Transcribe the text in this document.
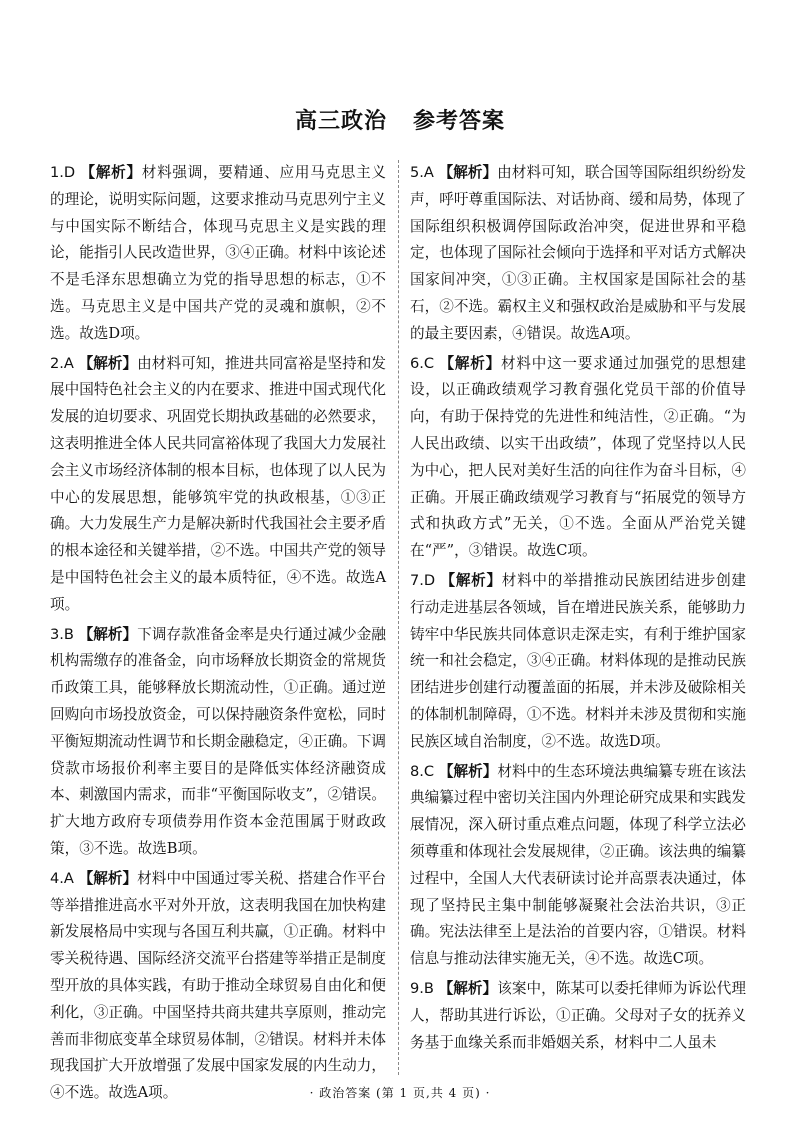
高三政治 参考答案

1.D 【解析】材料强调，要精通、应用马克思主义的理论，说明实际问题，这要求推动马克思列宁主义与中国实际不断结合，体现马克思主义是实践的理论，能指引人民改造世界，③④正确。材料中该论述不是毛泽东思想确立为党的指导思想的标志，①不选。马克思主义是中国共产党的灵魂和旗帜，②不选。故选D项。

2.A 【解析】由材料可知，推进共同富裕是坚持和发展中国特色社会主义的内在要求、推进中国式现代化发展的迫切要求、巩固党长期执政基础的必然要求，这表明推进全体人民共同富裕体现了我国大力发展社会主义市场经济体制的根本目标，也体现了以人民为中心的发展思想，能够筑牢党的执政根基，①③正确。大力发展生产力是解决新时代我国社会主要矛盾的根本途径和关键举措，②不选。中国共产党的领导是中国特色社会主义的最本质特征，④不选。故选A项。

3.B 【解析】下调存款准备金率是央行通过减少金融机构需缴存的准备金，向市场释放长期资金的常规货币政策工具，能够释放长期流动性，①正确。通过逆回购向市场投放资金，可以保持融资条件宽松，同时平衡短期流动性调节和长期金融稳定，④正确。下调贷款市场报价利率主要目的是降低实体经济融资成本、刺激国内需求，而非“平衡国际收支”，②错误。扩大地方政府专项债券用作资本金范围属于财政政策，③不选。故选B项。

4.A 【解析】材料中中国通过零关税、搭建合作平台等举措推进高水平对外开放，这表明我国在加快构建新发展格局中实现与各国互利共赢，①正确。材料中零关税待遇、国际经济交流平台搭建等举措正是制度型开放的具体实践，有助于推动全球贸易自由化和便利化，③正确。中国坚持共商共建共享原则，推动完善而非彻底变革全球贸易体制，②错误。材料并未体现我国扩大开放增强了发展中国家发展的内生动力，④不选。故选A项。

5.A 【解析】由材料可知，联合国等国际组织纷纷发声，呼吁尊重国际法、对话协商、缓和局势，体现了国际组织积极调停国际政治冲突，促进世界和平稳定，也体现了国际社会倾向于选择和平对话方式解决国家间冲突，①③正确。主权国家是国际社会的基石，②不选。霸权主义和强权政治是威胁和平与发展的最主要因素，④错误。故选A项。

6.C 【解析】材料中这一要求通过加强党的思想建设，以正确政绩观学习教育强化党员干部的价值导向，有助于保持党的先进性和纯洁性，②正确。“为人民出政绩、以实干出政绩”，体现了党坚持以人民为中心，把人民对美好生活的向往作为奋斗目标，④正确。开展正确政绩观学习教育与“拓展党的领导方式和执政方式”无关，①不选。全面从严治党关键在“严”，③错误。故选C项。

7.D 【解析】材料中的举措推动民族团结进步创建行动走进基层各领域，旨在增进民族关系，能够助力铸牢中华民族共同体意识走深走实，有利于维护国家统一和社会稳定，③④正确。材料体现的是推动民族团结进步创建行动覆盖面的拓展，并未涉及破除相关的体制机制障碍，①不选。材料并未涉及贯彻和实施民族区域自治制度，②不选。故选D项。

8.C 【解析】材料中的生态环境法典编纂专班在该法典编纂过程中密切关注国内外理论研究成果和实践发展情况，深入研讨重点难点问题，体现了科学立法必须尊重和体现社会发展规律，②正确。该法典的编纂过程中，全国人大代表研读讨论并高票表决通过，体现了坚持民主集中制能够凝聚社会法治共识，③正确。宪法法律至上是法治的首要内容，①错误。材料信息与推动法律实施无关，④不选。故选C项。

9.B 【解析】该案中，陈某可以委托律师为诉讼代理人，帮助其进行诉讼，①正确。父母对子女的抚养义务基于血缘关系而非婚姻关系，材料中二人虽未

· 政治答案 (第 1 页,共 4 页) ·
